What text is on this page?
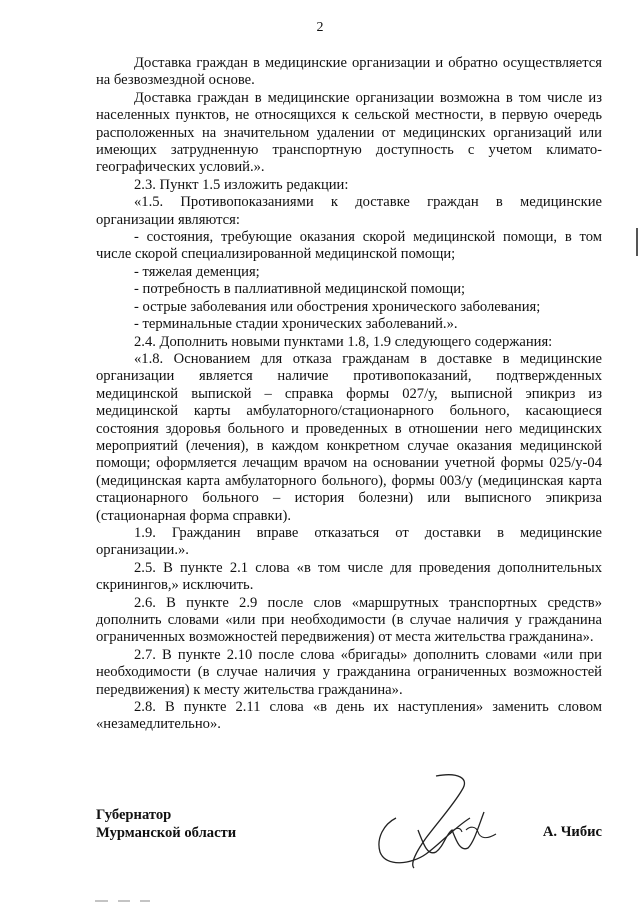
2

Доставка граждан в медицинские организации и обратно осуществляется на безвозмездной основе.

Доставка граждан в медицинские организации возможна в том числе из населенных пунктов, не относящихся к сельской местности, в первую очередь расположенных на значительном удалении от медицинских организаций или имеющих затрудненную транспортную доступность с учетом климато-географических условий.».

2.3. Пункт 1.5 изложить редакции:

«1.5. Противопоказаниями к доставке граждан в медицинские организации являются:

- состояния, требующие оказания скорой медицинской помощи, в том числе скорой специализированной медицинской помощи;

- тяжелая деменция;

- потребность в паллиативной медицинской помощи;

- острые заболевания или обострения хронического заболевания;

- терминальные стадии хронических заболеваний.».

2.4. Дополнить новыми пунктами 1.8, 1.9 следующего содержания:

«1.8. Основанием для отказа гражданам в доставке в медицинские организации является наличие противопоказаний, подтвержденных медицинской выпиской – справка формы 027/у, выписной эпикриз из медицинской карты амбулаторного/стационарного больного, касающиеся состояния здоровья больного и проведенных в отношении него медицинских мероприятий (лечения), в каждом конкретном случае оказания медицинской помощи; оформляется лечащим врачом на основании учетной формы 025/у-04 (медицинская карта амбулаторного больного), формы 003/у (медицинская карта стационарного больного – история болезни) или выписного эпикриза (стационарная форма справки).

1.9. Гражданин вправе отказаться от доставки в медицинские организации.».

2.5. В пункте 2.1 слова «в том числе для проведения дополнительных скринингов,» исключить.

2.6. В пункте 2.9 после слов «маршрутных транспортных средств» дополнить словами «или при необходимости (в случае наличия у гражданина ограниченных возможностей передвижения) от места жительства гражданина».

2.7. В пункте 2.10 после слова «бригады» дополнить словами «или при необходимости (в случае наличия у гражданина ограниченных возможностей передвижения) к месту жительства гражданина».

2.8. В пункте 2.11 слова «в день их наступления» заменить словом «незамедлительно».

Губернатор
Мурманской области	А. Чибис
